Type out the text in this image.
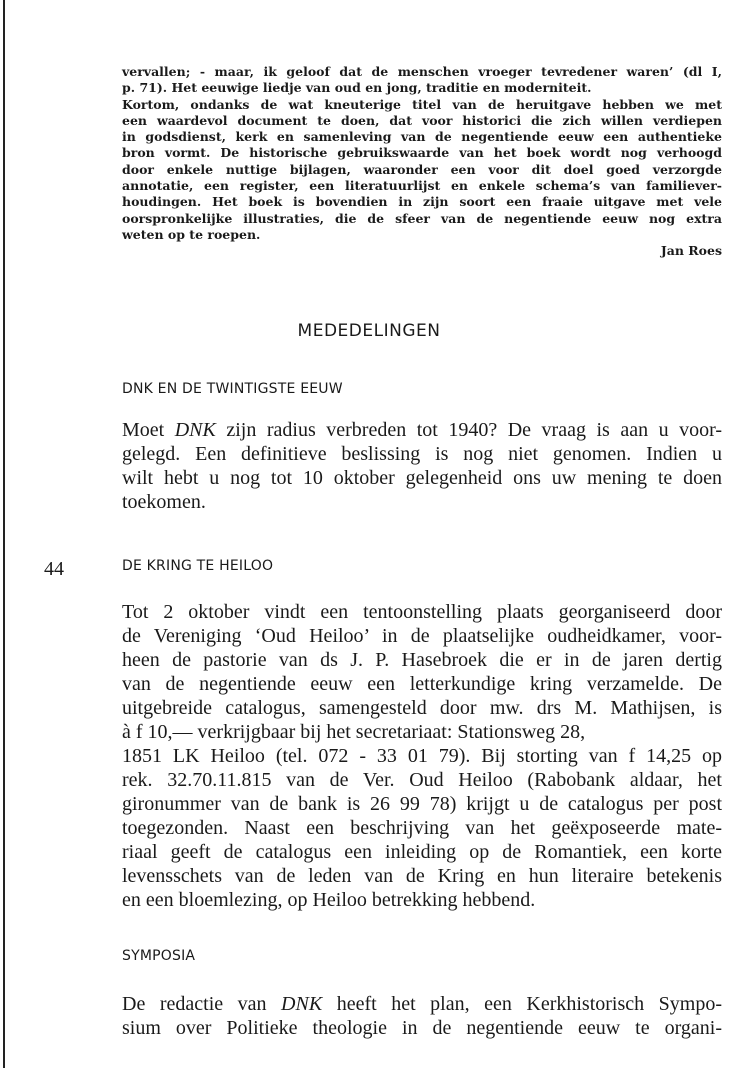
44
vervallen; - maar, ik geloof dat de menschen vroeger tevredener waren’ (dl I,
p. 71). Het eeuwige liedje van oud en jong, traditie en moderniteit.
Kortom, ondanks de wat kneuterige titel van de heruitgave hebben we met
een waardevol document te doen, dat voor historici die zich willen verdiepen
in godsdienst, kerk en samenleving van de negentiende eeuw een authentieke
bron vormt. De historische gebruikswaarde van het boek wordt nog verhoogd
door enkele nuttige bijlagen, waaronder een voor dit doel goed verzorgde
annotatie, een register, een literatuurlijst en enkele schema’s van familiever-
houdingen. Het boek is bovendien in zijn soort een fraaie uitgave met vele
oorspronkelijke illustraties, die de sfeer van de negentiende eeuw nog extra
weten op te roepen.
Jan Roes
MEDEDELINGEN
DNK EN DE TWINTIGSTE EEUW
Moet DNK zijn radius verbreden tot 1940? De vraag is aan u voor-
gelegd. Een definitieve beslissing is nog niet genomen. Indien u
wilt hebt u nog tot 10 oktober gelegenheid ons uw mening te doen
toekomen.
DE KRING TE HEILOO
Tot 2 oktober vindt een tentoonstelling plaats georganiseerd door
de Vereniging ‘Oud Heiloo’ in de plaatselijke oudheidkamer, voor-
heen de pastorie van ds J. P. Hasebroek die er in de jaren dertig
van de negentiende eeuw een letterkundige kring verzamelde. De
uitgebreide catalogus, samengesteld door mw. drs M. Mathijsen, is
à f 10,— verkrijgbaar bij het secretariaat: Stationsweg 28,
1851 LK Heiloo (tel. 072 - 33 01 79). Bij storting van f 14,25 op
rek. 32.70.11.815 van de Ver. Oud Heiloo (Rabobank aldaar, het
gironummer van de bank is 26 99 78) krijgt u de catalogus per post
toegezonden. Naast een beschrijving van het geëxposeerde mate-
riaal geeft de catalogus een inleiding op de Romantiek, een korte
levensschets van de leden van de Kring en hun literaire betekenis
en een bloemlezing, op Heiloo betrekking hebbend.
SYMPOSIA
De redactie van DNK heeft het plan, een Kerkhistorisch Sympo-
sium over Politieke theologie in de negentiende eeuw te organi-
